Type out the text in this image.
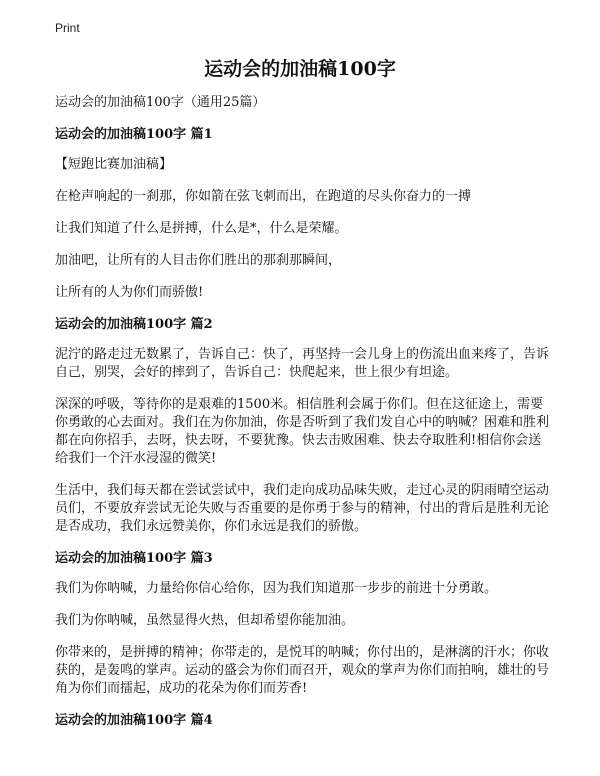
Print
运动会的加油稿100字

运动会的加油稿100字（通用25篇）

运动会的加油稿100字 篇1

【短跑比赛加油稿】

在枪声响起的一刹那，你如箭在弦飞刺而出，在跑道的尽头你奋力的一搏

让我们知道了什么是拼搏，什么是*，什么是荣耀。

加油吧，让所有的人目击你们胜出的那刹那瞬间，

让所有的人为你们而骄傲!

运动会的加油稿100字 篇2

泥泞的路走过无数累了，告诉自己：快了，再坚持一会儿身上的伤流出血来疼了，告诉自己，别哭，会好的摔到了，告诉自己：快爬起来，世上很少有坦途。

深深的呼吸，等待你的是艰难的1500米。相信胜利会属于你们。但在这征途上，需要你勇敢的心去面对。我们在为你加油，你是否听到了我们发自心中的呐喊？困难和胜利都在向你招手，去呀，快去呀，不要犹豫。快去击败困难、快去夺取胜利!相信你会送给我们一个汗水浸湿的微笑!

生活中，我们每天都在尝试尝试中，我们走向成功品味失败，走过心灵的阴雨晴空运动员们，不要放弃尝试无论失败与否重要的是你勇于参与的精神，付出的背后是胜利无论是否成功，我们永远赞美你，你们永远是我们的骄傲。

运动会的加油稿100字 篇3

我们为你呐喊，力量给你信心给你，因为我们知道那一步步的前进十分勇敢。

我们为你呐喊，虽然显得火热，但却希望你能加油。

你带来的，是拼搏的精神；你带走的，是悦耳的呐喊；你付出的，是淋漓的汗水；你收获的，是轰鸣的掌声。运动的盛会为你们而召开，观众的掌声为你们而拍响，雄壮的号角为你们而擂起，成功的花朵为你们而芳香!

运动会的加油稿100字 篇4
